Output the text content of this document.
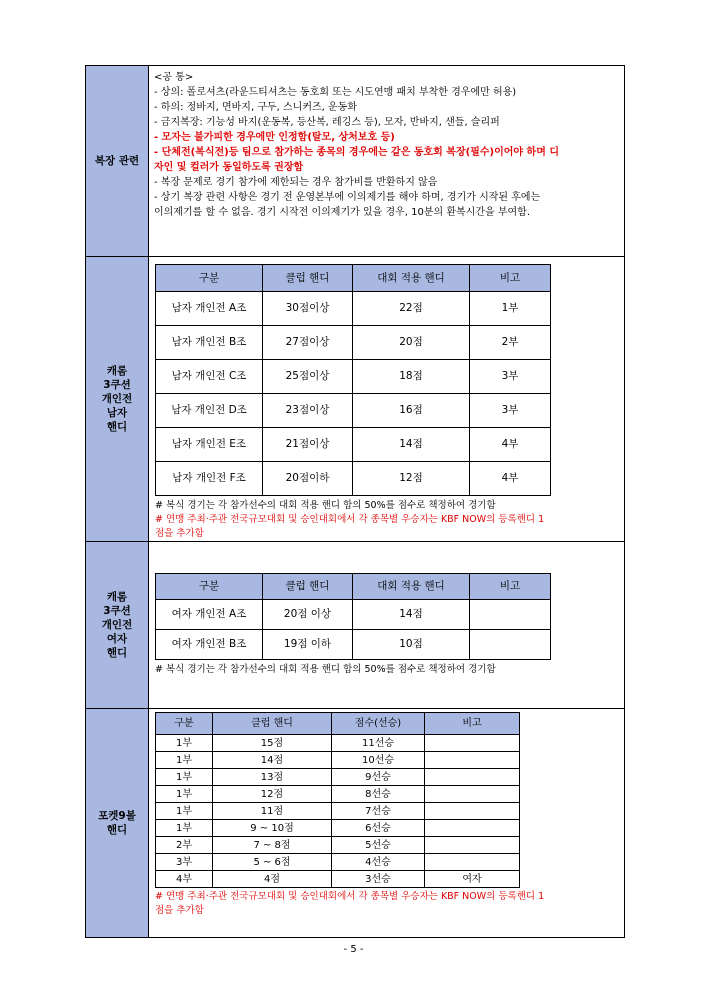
복장 관련	
<공 통>
- 상의: 폴로셔츠(라운드티셔츠는 동호회 또는 시도연맹 패치 부착한 경우에만 허용)
- 하의: 정바지, 면바지, 구두, 스니커즈, 운동화
- 금지복장: 기능성 바지(운동복, 등산복, 레깅스 등), 모자, 반바지, 샌들, 슬리퍼
- 모자는 불가피한 경우에만 인정함(탈모, 상처보호 등)
- 단체전(복식전)등 팀으로 참가하는 종목의 경우에는 같은 동호회 복장(필수)이어야 하며 디
자인 및 컬러가 동일하도록 권장함
- 복장 문제로 경기 참가에 제한되는 경우 참가비를 반환하지 않음
- 상기 복장 관련 사항은 경기 전 운영본부에 이의제기를 해야 하며, 경기가 시작된 후에는
이의제기를 할 수 없음. 경기 시작전 이의제기가 있을 경우, 10분의 환복시간을 부여함.

캐롬
3쿠션
개인전
남자
핸디

구분	클럽 핸디	대회 적용 핸디	비고
남자 개인전 A조	30점이상	22점	1부
남자 개인전 B조	27점이상	20점	2부
남자 개인전 C조	25점이상	18점	3부
남자 개인전 D조	23점이상	16점	3부
남자 개인전 E조	21점이상	14점	4부
남자 개인전 F조	20점이하	12점	4부
# 복식 경기는 각 참가선수의 대회 적용 핸디 합의 50%를 점수로 책정하여 경기함
# 연맹 주최·주관 전국규모대회 및 승인대회에서 각 종목별 우승자는 KBF NOW의 등록핸디 1
점을 추가함

캐롬
3쿠션
개인전
여자
핸디

구분	클럽 핸디	대회 적용 핸디	비고
여자 개인전 A조	20점 이상	14점	
여자 개인전 B조	19점 이하	10점	
# 복식 경기는 각 참가선수의 대회 적용 핸디 합의 50%를 점수로 책정하여 경기함

포켓9볼
핸디

구분	클럽 핸디	점수(선승)	비고
1부	15점	11선승	
1부	14점	10선승	
1부	13점	9선승	
1부	12점	8선승	
1부	11점	7선승	
1부	9 ~ 10점	6선승	
2부	7 ~ 8점	5선승	
3부	5 ~ 6점	4선승	
4부	4점	3선승	여자
# 연맹 주최·주관 전국규모대회 및 승인대회에서 각 종목별 우승자는 KBF NOW의 등록핸디 1
점을 추가함
- 5 -
